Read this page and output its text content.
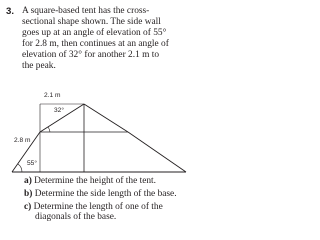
3. A square-based tent has the cross-
sectional shape shown. The side wall
goes up at an angle of elevation of 55°
for 2.8 m, then continues at an angle of
elevation of 32° for another 2.1 m to
the peak.
2.1 m
32°
2.8 m
55°
a) Determine the height of the tent.
b) Determine the side length of the base.
c) Determine the length of one of the
diagonals of the base.
